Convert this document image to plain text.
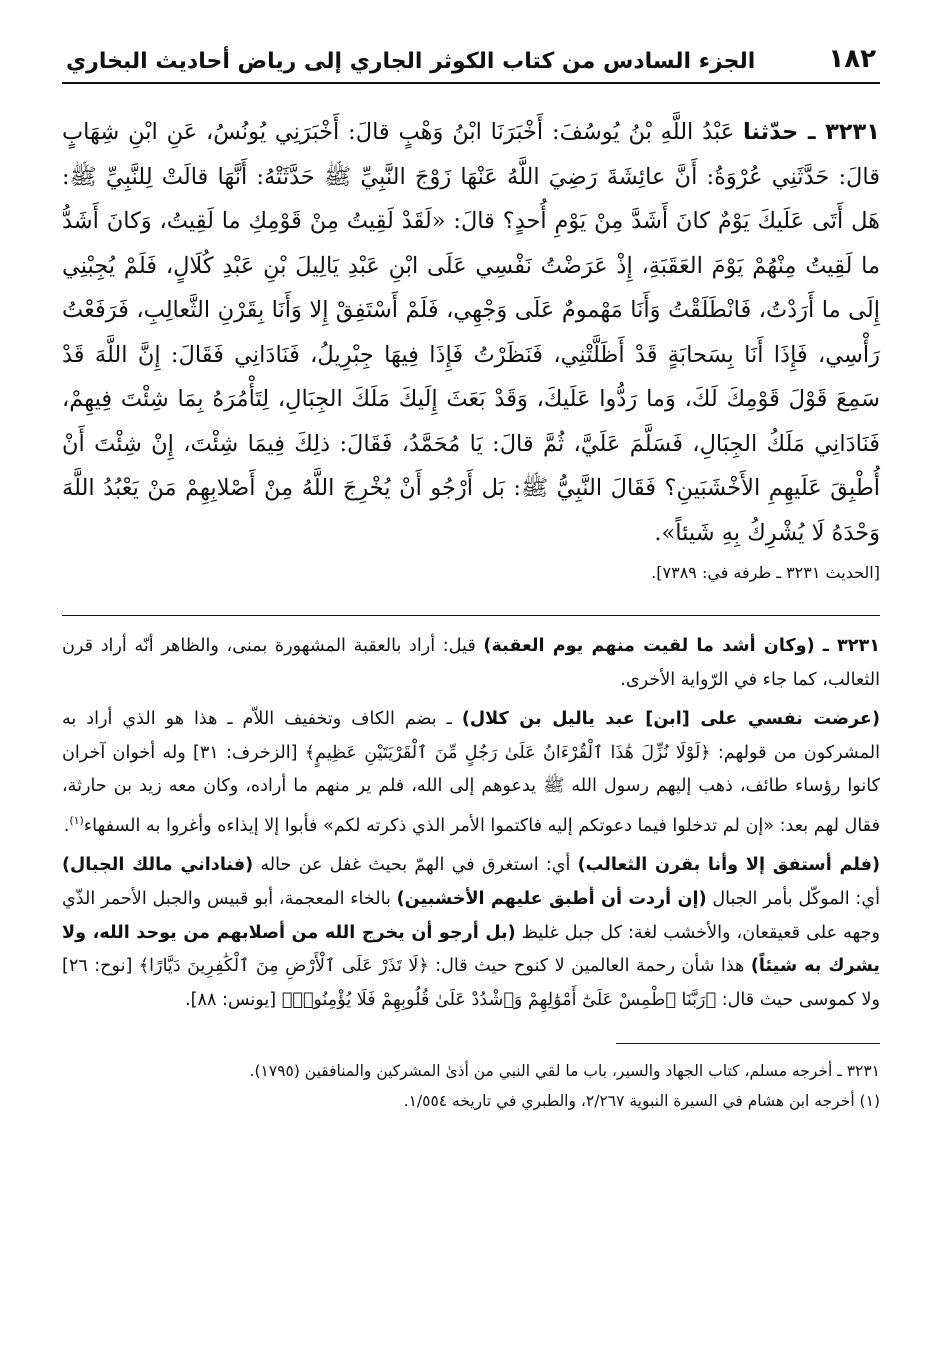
١٨٢
الجزء السادس من كتاب الكوثر الجاري إلى رياض أحاديث البخاري
٣٢٣١ ـ حدّثنا عَبْدُ اللَّهِ بْنُ يُوسُفَ: أَخْبَرَنَا ابْنُ وَهْبٍ قالَ: أَخْبَرَنِي يُونُسُ، عَنِ ابْنِ شِهَابٍ قالَ: حَدَّثَنِي عُرْوَةُ: أَنَّ عائِشَةَ رَضِيَ اللَّهُ عَنْهَا زَوْجَ النَّبِيِّ ﷺ حَدَّثَتْهُ: أَنَّهَا قالَتْ لِلنَّبِيِّ ﷺ: هَل أَتَى عَلَيكَ يَوْمٌ كانَ أَشَدَّ مِنْ يَوْمِ أُحدٍ؟ قالَ: «لَقَدْ لَقِيتُ مِنْ قَوْمِكِ ما لَقِيتُ، وَكانَ أَشَدُّ ما لَقِيتُ مِنْهُمْ يَوْمَ العَقَبَةِ، إِذْ عَرَضْتُ نَفْسِي عَلَى ابْنِ عَبْدِ يَالِيلَ بْنِ عَبْدِ كُلَالٍ، فَلَمْ يُجِبْنِي إِلَى ما أَرَدْتُ، فَانْطَلَقْتُ وَأَنَا مَهْمومٌ عَلَى وَجْهِي، فَلَمْ أَسْتَفِقْ إِلا وَأَنَا بِقَرْنِ الثَّعالِبِ، فَرَفَعْتُ رَأْسِي، فَإِذَا أَنَا بِسَحابَةٍ قَدْ أَظَلَّتْنِي، فَنَظَرْتُ فَإِذَا فِيهَا جِبْرِيلُ، فَنَادَانِي فَقَالَ: إِنَّ اللَّهَ قَدْ سَمِعَ قَوْلَ قَوْمِكَ لَكَ، وَما رَدُّوا عَلَيكَ، وَقَدْ بَعَثَ إِلَيكَ مَلَكَ الجِبَالِ، لِتَأْمُرَهُ بِمَا شِئْتَ فِيهِمْ، فَنَادَانِي مَلَكُ الجِبَالِ، فَسَلَّمَ عَلَيَّ، ثُمَّ قالَ: يَا مُحَمَّدُ، فَقَالَ: ذلِكَ فِيمَا شِئْتَ، إِنْ شِئْتَ أَنْ أُطْبِقَ عَلَيهِمِ الأَخْشَبَينِ؟ فَقَالَ النَّبِيُّ ﷺ: بَل أَرْجُو أَنْ يُخْرِجَ اللَّهُ مِنْ أَصْلابِهِمْ مَنْ يَعْبُدُ اللَّهَ وَحْدَهُ لَا يُشْرِكُ بِهِ شَيئاً».
[الحديث ٣٢٣١ ـ طرفه في: ٧٣٨٩].

٣٢٣١ ـ (وكان أشد ما لقيت منهم يوم العقبة) قيل: أراد بالعقبة المشهورة بمنى، والظاهر أنّه أراد قرن الثعالب، كما جاء في الرّواية الأخرى.

(عرضت نفسي على [ابن] عبد ياليل بن كلال) ـ بضم الكاف وتخفيف اللاّم ـ هذا هو الذي أراد به المشركون من قولهم: ﴿لَوْلَا نُزِّلَ هَٰذَا ٱلْقُرْءَانُ عَلَىٰ رَجُلٍ مِّنَ ٱلْقَرْيَتَيْنِ عَظِيمٍ﴾ [الزخرف: ٣١] وله أخوان آخران كانوا رؤساء طائف، ذهب إليهم رسول الله ﷺ يدعوهم إلى الله، فلم ير منهم ما أراده، وكان معه زيد بن حارثة، فقال لهم بعد: «إن لم تدخلوا فيما دعوتكم إليه فاكتموا الأمر الذي ذكرته لكم» فأبوا إلا إيذاءه وأغروا به السفهاء$^{(١)}$.

(فلم أستفق إلا وأنا بقرن الثعالب) أي: استغرق في الهمّ بحيث غفل عن حاله (فناداني مالك الجبال) أي: الموكّل بأمر الجبال (إن أردت أن أطبق عليهم الأخشبين) بالخاء المعجمة، أبو قبيس والجبل الأحمر الذّي وجهه على قعيقعان، والأخشب لغة: كل جبل غليظ (بل أرجو أن يخرج الله من أصلابهم من يوحد الله، ولا يشرك به شيئاً) هذا شأن رحمة العالمين لا كنوح حيث قال: ﴿لَا تَذَرْ عَلَى ٱلْأَرْضِ مِنَ ٱلْكَٰفِرِينَ دَيَّارًا﴾ [نوح: ٢٦] ولا كموسى حيث قال: ﴿رَبَّنَا ٱطْمِسْ عَلَىٰٓ أَمْوَٰلِهِمْ وَٱشْدُدْ عَلَىٰ قُلُوبِهِمْ فَلَا يُؤْمِنُوا۟﴾ [يونس: ٨٨].

٣٢٣١ ـ أخرجه مسلم، كتاب الجهاد والسير، باب ما لقي النبي من أذىٰ المشركين والمنافقين (١٧٩٥).

(١) أخرجه ابن هشام في السيرة النبوية ٢/٢٦٧، والطبري في تاريخه ١/٥٥٤.
